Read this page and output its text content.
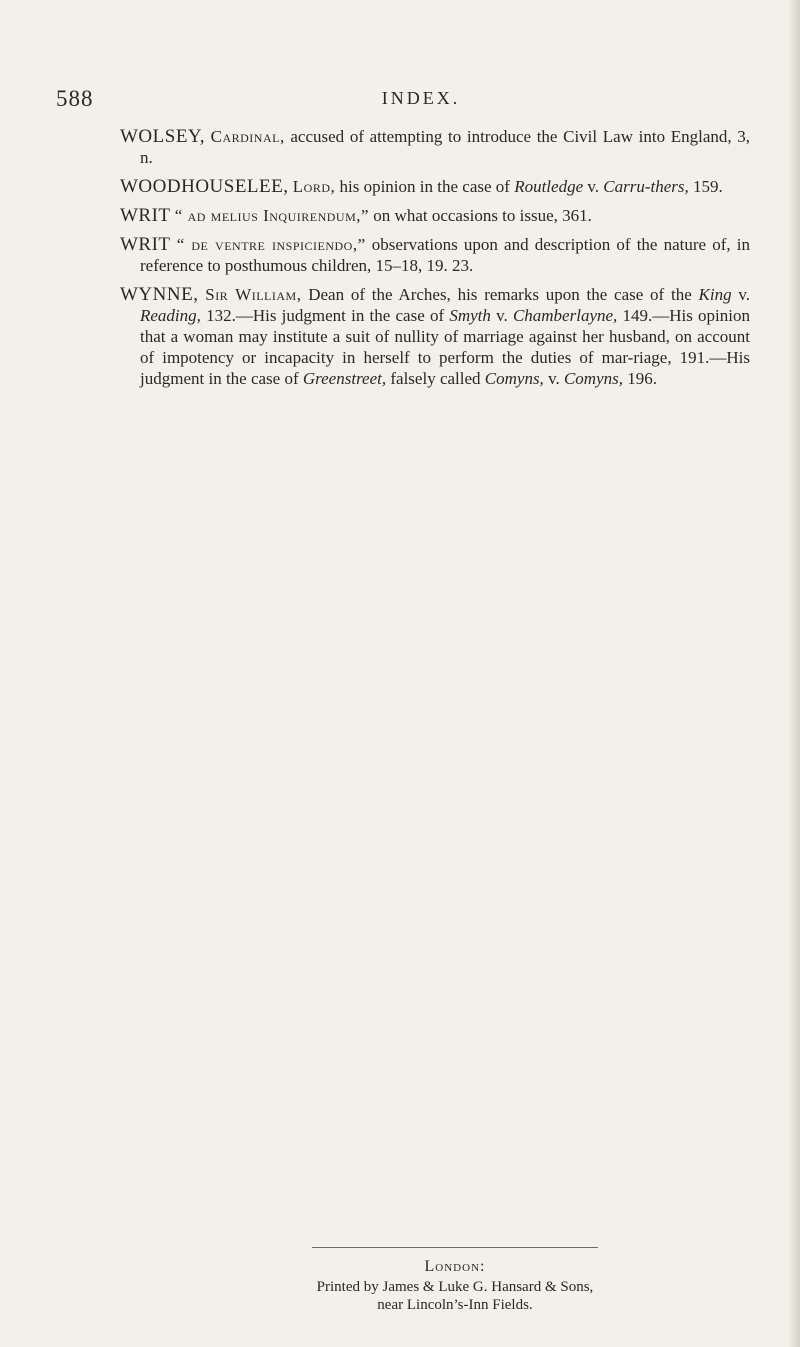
588	INDEX.

WOLSEY, Cardinal, accused of attempting to introduce the Civil Law into England, 3, n.

WOODHOUSELEE, Lord, his opinion in the case of Routledge v. Carru-thers, 159.

WRIT “ ad melius Inquirendum,” on what occasions to issue, 361.

WRIT “ de ventre inspiciendo,” observations upon and description of the nature of, in reference to posthumous children, 15–18, 19. 23.

WYNNE, Sir William, Dean of the Arches, his remarks upon the case of the King v. Reading, 132.—His judgment in the case of Smyth v. Chamberlayne, 149.—His opinion that a woman may institute a suit of nullity of marriage against her husband, on account of impotency or incapacity in herself to perform the duties of mar-riage, 191.—His judgment in the case of Greenstreet, falsely called Comyns, v. Comyns, 196.

London:
Printed by James & Luke G. Hansard & Sons,
near Lincoln’s-Inn Fields.
